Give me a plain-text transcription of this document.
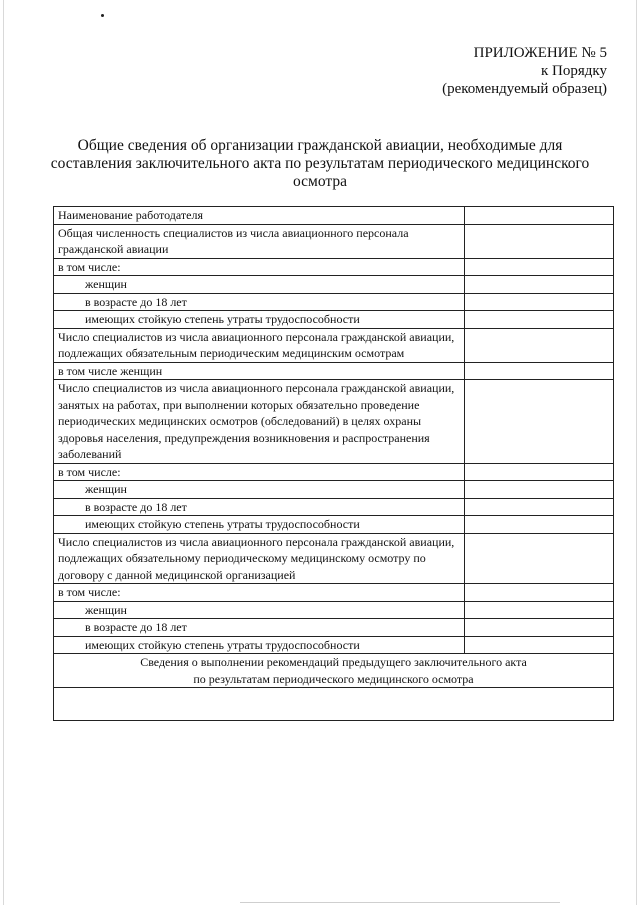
ПРИЛОЖЕНИЕ № 5
к Порядку
(рекомендуемый образец)
Общие сведения об организации гражданской авиации, необходимые для
составления заключительного акта по результатам периодического медицинского
осмотра
Наименование работодателя	
Общая численность специалистов из числа авиационного персонала гражданской авиации	
в том числе:	
женщин	
в возрасте до 18 лет	
имеющих стойкую степень утраты трудоспособности	
Число специалистов из числа авиационного персонала гражданской авиации, подлежащих обязательным периодическим медицинским осмотрам	
в том числе женщин	
Число специалистов из числа авиационного персонала гражданской авиации, занятых на работах, при выполнении которых обязательно проведение периодических медицинских осмотров (обследований) в целях охраны здоровья населения, предупреждения возникновения и распространения заболеваний	
в том числе:	
женщин	
в возрасте до 18 лет	
имеющих стойкую степень утраты трудоспособности	
Число специалистов из числа авиационного персонала гражданской авиации, подлежащих обязательному периодическому медицинскому осмотру по договору с данной медицинской организацией	
в том числе:	
женщин	
в возрасте до 18 лет	
имеющих стойкую степень утраты трудоспособности	

Сведения о выполнении рекомендаций предыдущего заключительного акта
по результатам периодического медицинского осмотра	
